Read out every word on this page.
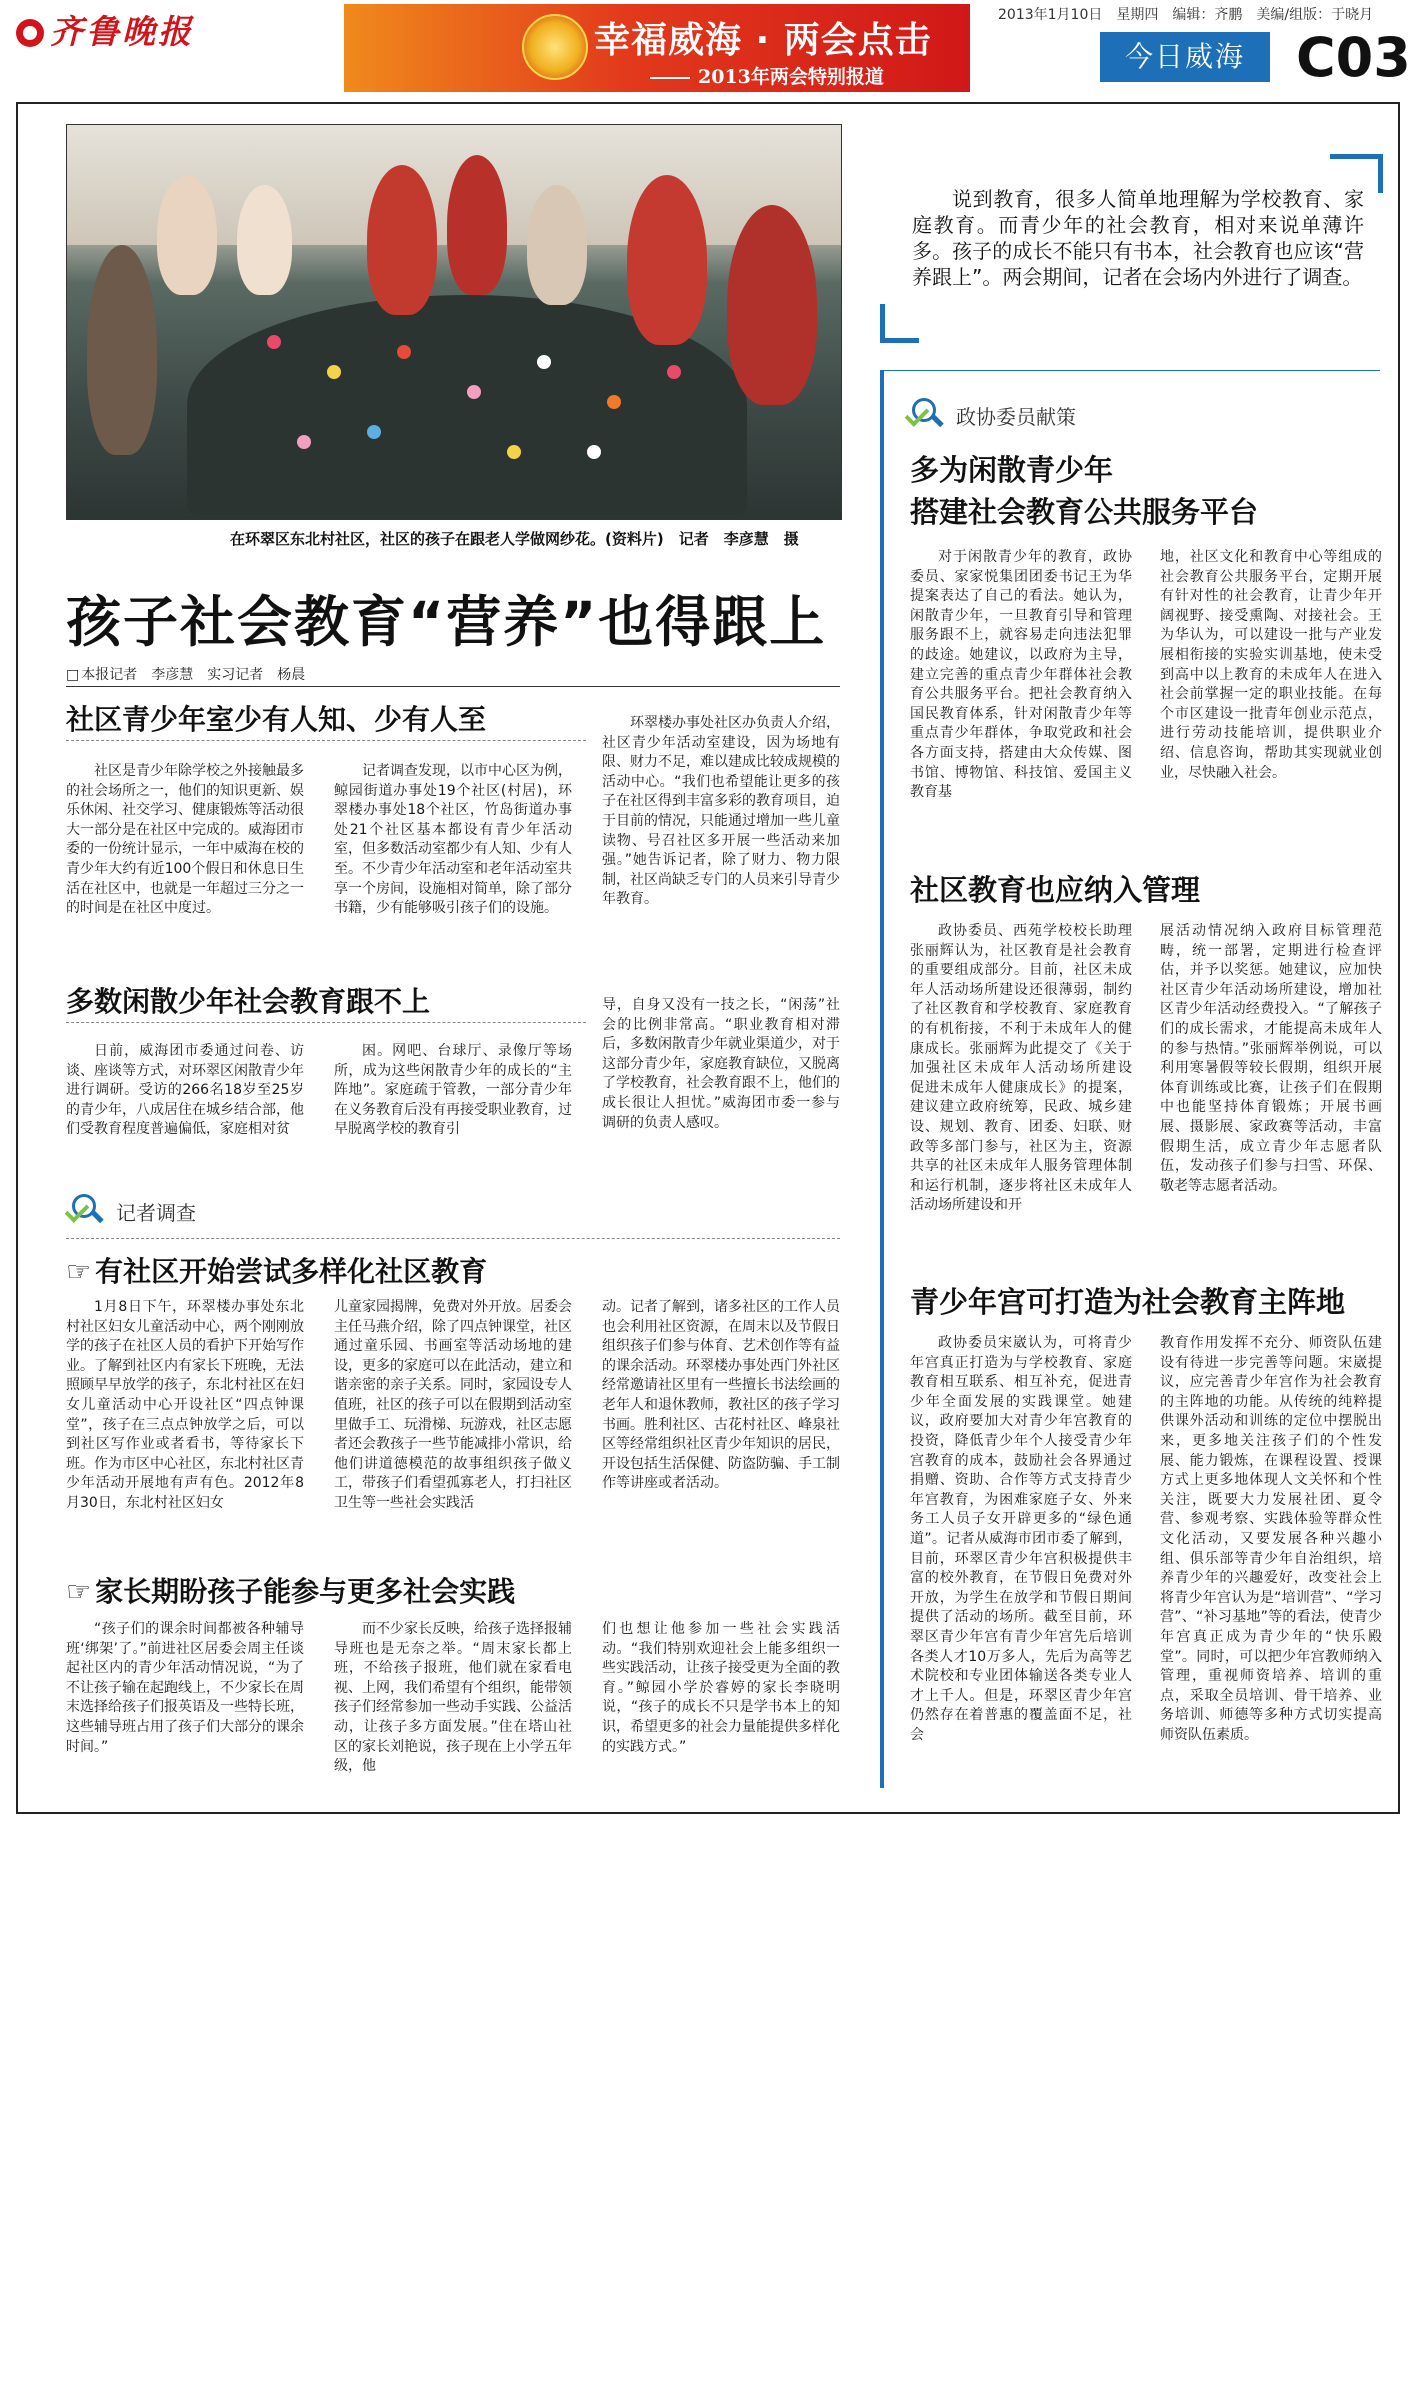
齐鲁晚报	幸福威海 · 两会点击
2013年两会特别报道
2013年1月10日　星期四　编辑：齐鹏　美编/组版：于晓月
今日威海 C03
在环翠区东北村社区，社区的孩子在跟老人学做网纱花。(资料片)　记者　李彦慧　摄
孩子社会教育“营养”也得跟上
□ 本报记者　李彦慧　实习记者　杨晨
社区青少年室少有人知、少有人至
社区是青少年除学校之外接触最多的社会场所之一，他们的知识更新、娱乐休闲、社交学习、健康锻炼等活动很大一部分是在社区中完成的。威海团市委的一份统计显示，一年中威海在校的青少年大约有近100个假日和休息日生活在社区中，也就是一年超过三分之一的时间是在社区中度过。
记者调查发现，以市中心区为例，鲸园街道办事处19个社区(村居)，环翠楼办事处18个社区，竹岛街道办事处21个社区基本都设有青少年活动室，但多数活动室都少有人知、少有人至。不少青少年活动室和老年活动室共享一个房间，设施相对简单，除了部分书籍，少有能够吸引孩子们的设施。
环翠楼办事处社区办负责人介绍，社区青少年活动室建设，因为场地有限、财力不足，难以建成比较成规模的活动中心。“我们也希望能让更多的孩子在社区得到丰富多彩的教育项目，迫于目前的情况，只能通过增加一些儿童读物、号召社区多开展一些活动来加强。”她告诉记者，除了财力、物力限制，社区尚缺乏专门的人员来引导青少年教育。
多数闲散少年社会教育跟不上
日前，威海团市委通过问卷、访谈、座谈等方式，对环翠区闲散青少年进行调研。受访的266名18岁至25岁的青少年，八成居住在城乡结合部，他们受教育程度普遍偏低，家庭相对贫
困。网吧、台球厅、录像厅等场所，成为这些闲散青少年的成长的“主阵地”。家庭疏于管教，一部分青少年在义务教育后没有再接受职业教育，过早脱离学校的教育引
导，自身又没有一技之长，“闲荡”社会的比例非常高。“职业教育相对滞后，多数闲散青少年就业渠道少，对于这部分青少年，家庭教育缺位，又脱离了学校教育，社会教育跟不上，他们的成长很让人担忧。”威海团市委一参与调研的负责人感叹。
记者调查
☞ 有社区开始尝试多样化社区教育
1月8日下午，环翠楼办事处东北村社区妇女儿童活动中心，两个刚刚放学的孩子在社区人员的看护下开始写作业。了解到社区内有家长下班晚，无法照顾早早放学的孩子，东北村社区在妇女儿童活动中心开设社区“四点钟课堂”，孩子在三点点钟放学之后，可以到社区写作业或者看书，等待家长下班。作为市区中心社区，东北村社区青少年活动开展地有声有色。2012年8月30日，东北村社区妇女
儿童家园揭牌，免费对外开放。居委会主任马燕介绍，除了四点钟课堂，社区通过童乐园、书画室等活动场地的建设，更多的家庭可以在此活动，建立和谐亲密的亲子关系。同时，家园设专人值班，社区的孩子可以在假期到活动室里做手工、玩滑梯、玩游戏，社区志愿者还会教孩子一些节能减排小常识，给他们讲道德模范的故事组织孩子做义工，带孩子们看望孤寡老人，打扫社区卫生等一些社会实践活
动。记者了解到，诸多社区的工作人员也会利用社区资源，在周末以及节假日组织孩子们参与体育、艺术创作等有益的课余活动。环翠楼办事处西门外社区经常邀请社区里有一些擅长书法绘画的老年人和退休教师，教社区的孩子学习书画。胜利社区、古花村社区、峰泉社区等经常组织社区青少年知识的居民，开设包括生活保健、防盗防骗、手工制作等讲座或者活动。
☞ 家长期盼孩子能参与更多社会实践
“孩子们的课余时间都被各种辅导班‘绑架’了。”前进社区居委会周主任谈起社区内的青少年活动情况说，“为了不让孩子输在起跑线上，不少家长在周末选择给孩子们报英语及一些特长班，这些辅导班占用了孩子们大部分的课余时间。”
而不少家长反映，给孩子选择报辅导班也是无奈之举。“周末家长都上班，不给孩子报班，他们就在家看电视、上网，我们希望有个组织，能带领孩子们经常参加一些动手实践、公益活动，让孩子多方面发展。”住在塔山社区的家长刘艳说，孩子现在上小学五年级，他
们也想让他参加一些社会实践活动。“我们特别欢迎社会上能多组织一些实践活动，让孩子接受更为全面的教育。”鲸园小学於睿婷的家长李晓明说，“孩子的成长不只是学书本上的知识，希望更多的社会力量能提供多样化的实践方式。”
说到教育，很多人简单地理解为学校教育、家庭教育。而青少年的社会教育，相对来说单薄许多。孩子的成长不能只有书本，社会教育也应该“营养跟上”。两会期间，记者在会场内外进行了调查。
政协委员献策
多为闲散青少年
搭建社会教育公共服务平台
对于闲散青少年的教育，政协委员、家家悦集团团委书记王为华提案表达了自己的看法。她认为，闲散青少年，一旦教育引导和管理服务跟不上，就容易走向违法犯罪的歧途。她建议，以政府为主导，建立完善的重点青少年群体社会教育公共服务平台。把社会教育纳入国民教育体系，针对闲散青少年等重点青少年群体，争取党政和社会各方面支持，搭建由大众传媒、图书馆、博物馆、科技馆、爱国主义教育基
地，社区文化和教育中心等组成的社会教育公共服务平台，定期开展有针对性的社会教育，让青少年开阔视野、接受熏陶、对接社会。王为华认为，可以建设一批与产业发展相衔接的实验实训基地，使未受到高中以上教育的未成年人在进入社会前掌握一定的职业技能。在每个市区建设一批青年创业示范点，进行劳动技能培训，提供职业介绍、信息咨询，帮助其实现就业创业，尽快融入社会。
社区教育也应纳入管理
政协委员、西苑学校校长助理张丽辉认为，社区教育是社会教育的重要组成部分。目前，社区未成年人活动场所建设还很薄弱，制约了社区教育和学校教育、家庭教育的有机衔接，不利于未成年人的健康成长。张丽辉为此提交了《关于加强社区未成年人活动场所建设　促进未成年人健康成长》的提案，建议建立政府统筹，民政、城乡建设、规划、教育、团委、妇联、财政等多部门参与，社区为主，资源共享的社区未成年人服务管理体制和运行机制，逐步将社区未成年人活动场所建设和开
展活动情况纳入政府目标管理范畴，统一部署，定期进行检查评估，并予以奖惩。她建议，应加快社区青少年活动场所建设，增加社区青少年活动经费投入。“了解孩子们的成长需求，才能提高未成年人的参与热情。”张丽辉举例说，可以利用寒暑假等较长假期，组织开展体育训练或比赛，让孩子们在假期中也能坚持体育锻炼；开展书画展、摄影展、家政赛等活动，丰富假期生活，成立青少年志愿者队伍，发动孩子们参与扫雪、环保、敬老等志愿者活动。
青少年宫可打造为社会教育主阵地
政协委员宋崴认为，可将青少年宫真正打造为与学校教育、家庭教育相互联系、相互补充，促进青少年全面发展的实践课堂。她建议，政府要加大对青少年宫教育的投资，降低青少年个人接受青少年宫教育的成本，鼓励社会各界通过捐赠、资助、合作等方式支持青少年宫教育，为困难家庭子女、外来务工人员子女开辟更多的“绿色通道”。记者从威海市团市委了解到，目前，环翠区青少年宫积极提供丰富的校外教育，在节假日免费对外开放，为学生在放学和节假日期间提供了活动的场所。截至目前，环翠区青少年宫有青少年宫先后培训各类人才10万多人，先后为高等艺术院校和专业团体输送各类专业人才上千人。但是，环翠区青少年宫仍然存在着普惠的覆盖面不足，社会
教育作用发挥不充分、师资队伍建设有待进一步完善等问题。宋崴提议，应完善青少年宫作为社会教育的主阵地的功能。从传统的纯粹提供课外活动和训练的定位中摆脱出来，更多地关注孩子们的个性发展、能力锻炼，在课程设置、授课方式上更多地体现人文关怀和个性关注，既要大力发展社团、夏令营、参观考察、实践体验等群众性文化活动，又要发展各种兴趣小组、俱乐部等青少年自治组织，培养青少年的兴趣爱好，改变社会上将青少年宫认为是“培训营”、“学习营”、“补习基地”等的看法，使青少年宫真正成为青少年的“快乐殿堂”。同时，可以把少年宫教师纳入管理，重视师资培养、培训的重点，采取全员培训、骨干培养、业务培训、师德等多种方式切实提高师资队伍素质。
